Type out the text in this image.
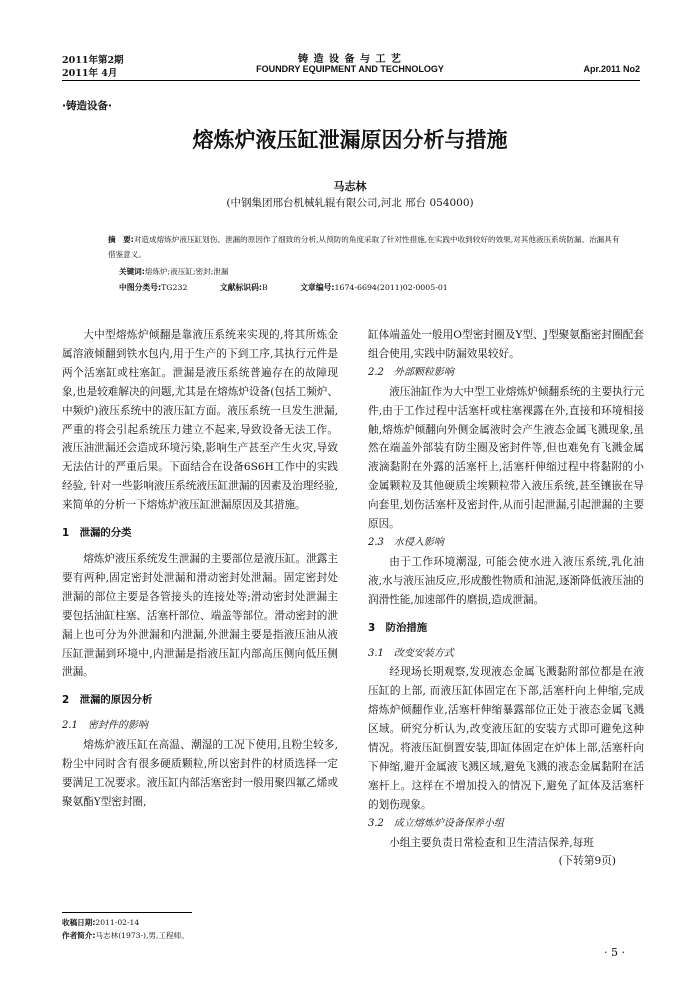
2011年第2期
2011年 4月
铸 造 设 备 与 工 艺
FOUNDRY EQUIPMENT AND TECHNOLOGY	Apr.2011 No2
·铸造设备·
熔炼炉液压缸泄漏原因分析与措施
马志林
(中钢集团邢台机械轧辊有限公司,河北 邢台 054000)
摘　要:对造成熔炼炉液压缸划伤、泄漏的原因作了细致的分析,从预防的角度采取了针对性措施,在实践中收到较好的效果,对其他液压系统防漏、治漏具有借鉴意义。
关键词:熔炼炉;液压缸;密封;泄漏
中图分类号:TG232	文献标识码:B	文章编号:1674-6694(2011)02-0005-01

大中型熔炼炉倾翻是靠液压系统来实现的,将其所炼金属溶液倾翻到铁水包内,用于生产的下到工序,其执行元件是两个活塞缸或柱塞缸。泄漏是液压系统普遍存在的故障现象,也是较难解决的问题,尤其是在熔炼炉设备(包括工频炉、中频炉)液压系统中的液压缸方面。液压系统一旦发生泄漏,严重的将会引起系统压力建立不起来,导致设备无法工作。液压油泄漏还会造成环境污染,影响生产甚至产生火灾,导致无法估计的严重后果。下面结合在设备6S6H工作中的实践经验, 针对一些影响液压系统液压缸泄漏的因素及治理经验,来简单的分析一下熔炼炉液压缸泄漏原因及其措施。

1　泄漏的分类

熔炼炉液压系统发生泄漏的主要部位是液压缸。泄露主要有两种,固定密封处泄漏和滑动密封处泄漏。固定密封处泄漏的部位主要是各管接头的连接处等;滑动密封处泄漏主要包括油缸柱塞、活塞杆部位、端盖等部位。滑动密封的泄漏上也可分为外泄漏和内泄漏,外泄漏主要是指液压油从液压缸泄漏到环境中,内泄漏是指液压缸内部高压侧向低压侧泄漏。

2　泄漏的原因分析
2.1　密封件的影响

熔炼炉液压缸在高温、潮湿的工况下使用,且粉尘较多,粉尘中同时含有很多硬质颗粒,所以密封件的材质选择一定要满足工况要求。液压缸内部活塞密封一般用聚四氟乙烯或聚氨酯Y型密封圈,

缸体端盖处一般用O型密封圈及Y型、J型聚氨酯密封圈配套组合使用,实践中防漏效果较好。

2.2　外部颗粒影响

液压油缸作为大中型工业熔炼炉倾翻系统的主要执行元件,由于工作过程中活塞杆或柱塞裸露在外,直接和环境相接触,熔炼炉倾翻向外侧金属液时会产生液态金属飞溅现象,虽然在端盖外部装有防尘圈及密封件等,但也难免有飞溅金属液滴黏附在外露的活塞杆上,活塞杆伸缩过程中将黏附的小金属颗粒及其他硬质尘埃颗粒带入液压系统,甚至镶嵌在导向套里,划伤活塞杆及密封件,从而引起泄漏,引起泄漏的主要原因。

2.3　水侵入影响

由于工作环境潮湿, 可能会使水进入液压系统,乳化油液,水与液压油反应,形成酸性物质和油泥,逐渐降低液压油的润滑性能,加速部件的磨损,造成泄漏。

3　防治措施
3.1　改变安装方式

经现场长期观察,发现液态金属飞溅黏附部位都是在液压缸的上部, 而液压缸体固定在下部,活塞杆向上伸缩,完成熔炼炉倾翻作业,活塞杆伸缩暴露部位正处于液态金属飞溅区域。研究分析认为,改变液压缸的安装方式即可避免这种情况。将液压缸倒置安装,即缸体固定在炉体上部,活塞杆向下伸缩,避开金属液飞溅区域,避免飞溅的液态金属黏附在活塞杆上。这样在不增加投入的情况下,避免了缸体及活塞杆的划伤现象。

3.2　成立熔炼炉设备保养小组

小组主要负责日常检查和卫生清洁保养,每班

(下转第9页)
收稿日期:2011-02-14
作者简介:马志林(1973-),男,工程师。
· 5 ·
